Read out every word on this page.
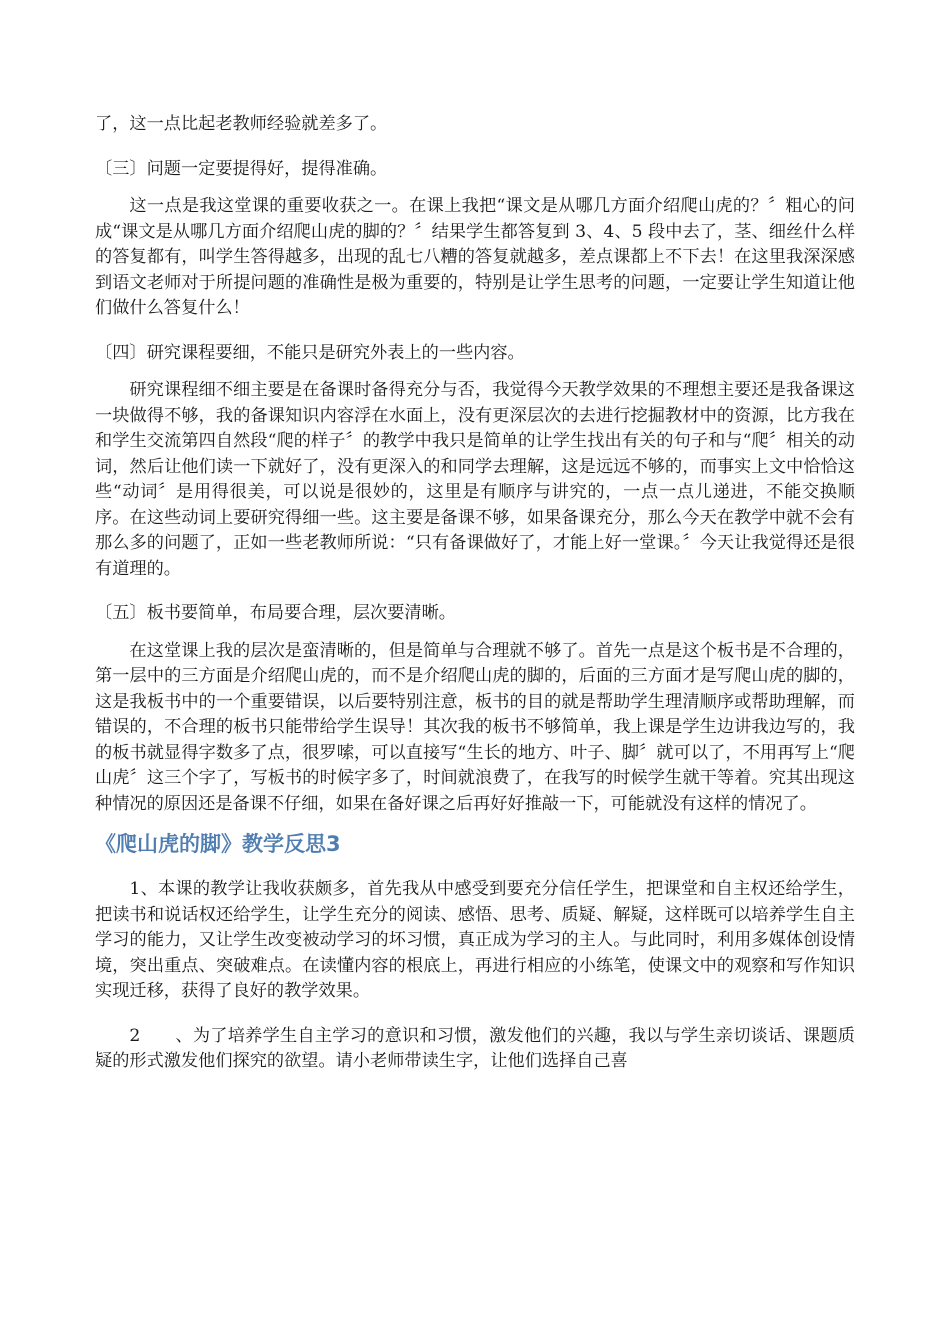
了，这一点比起老教师经验就差多了。

〔三〕问题一定要提得好，提得准确。

这一点是我这堂课的重要收获之一。在课上我把“课文是从哪几方面介绍爬山虎的？〞粗心的问成“课文是从哪几方面介绍爬山虎的脚的？〞结果学生都答复到 3、4、5 段中去了，茎、细丝什么样的答复都有，叫学生答得越多，出现的乱七八糟的答复就越多，差点课都上不下去！在这里我深深感到语文老师对于所提问题的准确性是极为重要的，特别是让学生思考的问题，一定要让学生知道让他们做什么答复什么！

〔四〕研究课程要细，不能只是研究外表上的一些内容。

研究课程细不细主要是在备课时备得充分与否，我觉得今天教学效果的不理想主要还是我备课这一块做得不够，我的备课知识内容浮在水面上，没有更深层次的去进行挖掘教材中的资源，比方我在和学生交流第四自然段“爬的样子〞的教学中我只是简单的让学生找出有关的句子和与“爬〞相关的动词，然后让他们读一下就好了，没有更深入的和同学去理解，这是远远不够的，而事实上文中恰恰这些“动词〞是用得很美，可以说是很妙的，这里是有顺序与讲究的，一点一点儿递进，不能交换顺序。在这些动词上要研究得细一些。这主要是备课不够，如果备课充分，那么今天在教学中就不会有那么多的问题了，正如一些老教师所说：“只有备课做好了，才能上好一堂课。〞今天让我觉得还是很有道理的。

〔五〕板书要简单，布局要合理，层次要清晰。

在这堂课上我的层次是蛮清晰的，但是简单与合理就不够了。首先一点是这个板书是不合理的，第一层中的三方面是介绍爬山虎的，而不是介绍爬山虎的脚的，后面的三方面才是写爬山虎的脚的，这是我板书中的一个重要错误，以后要特别注意，板书的目的就是帮助学生理清顺序或帮助理解，而错误的，不合理的板书只能带给学生误导！其次我的板书不够简单，我上课是学生边讲我边写的，我的板书就显得字数多了点，很罗嗦，可以直接写“生长的地方、叶子、脚〞就可以了，不用再写上“爬山虎〞这三个字了，写板书的时候字多了，时间就浪费了，在我写的时候学生就干等着。究其出现这种情况的原因还是备课不仔细，如果在备好课之后再好好推敲一下，可能就没有这样的情况了。

《爬山虎的脚》教学反思3

1、本课的教学让我收获颇多，首先我从中感受到要充分信任学生，把课堂和自主权还给学生，把读书和说话权还给学生，让学生充分的阅读、感悟、思考、质疑、解疑，这样既可以培养学生自主学习的能力，又让学生改变被动学习的坏习惯，真正成为学习的主人。与此同时，利用多媒体创设情境，突出重点、突破难点。在读懂内容的根底上，再进行相应的小练笔，使课文中的观察和写作知识实现迁移，获得了良好的教学效果。

2　　、为了培养学生自主学习的意识和习惯，激发他们的兴趣，我以与学生亲切谈话、课题质疑的形式激发他们探究的欲望。请小老师带读生字，让他们选择自己喜
